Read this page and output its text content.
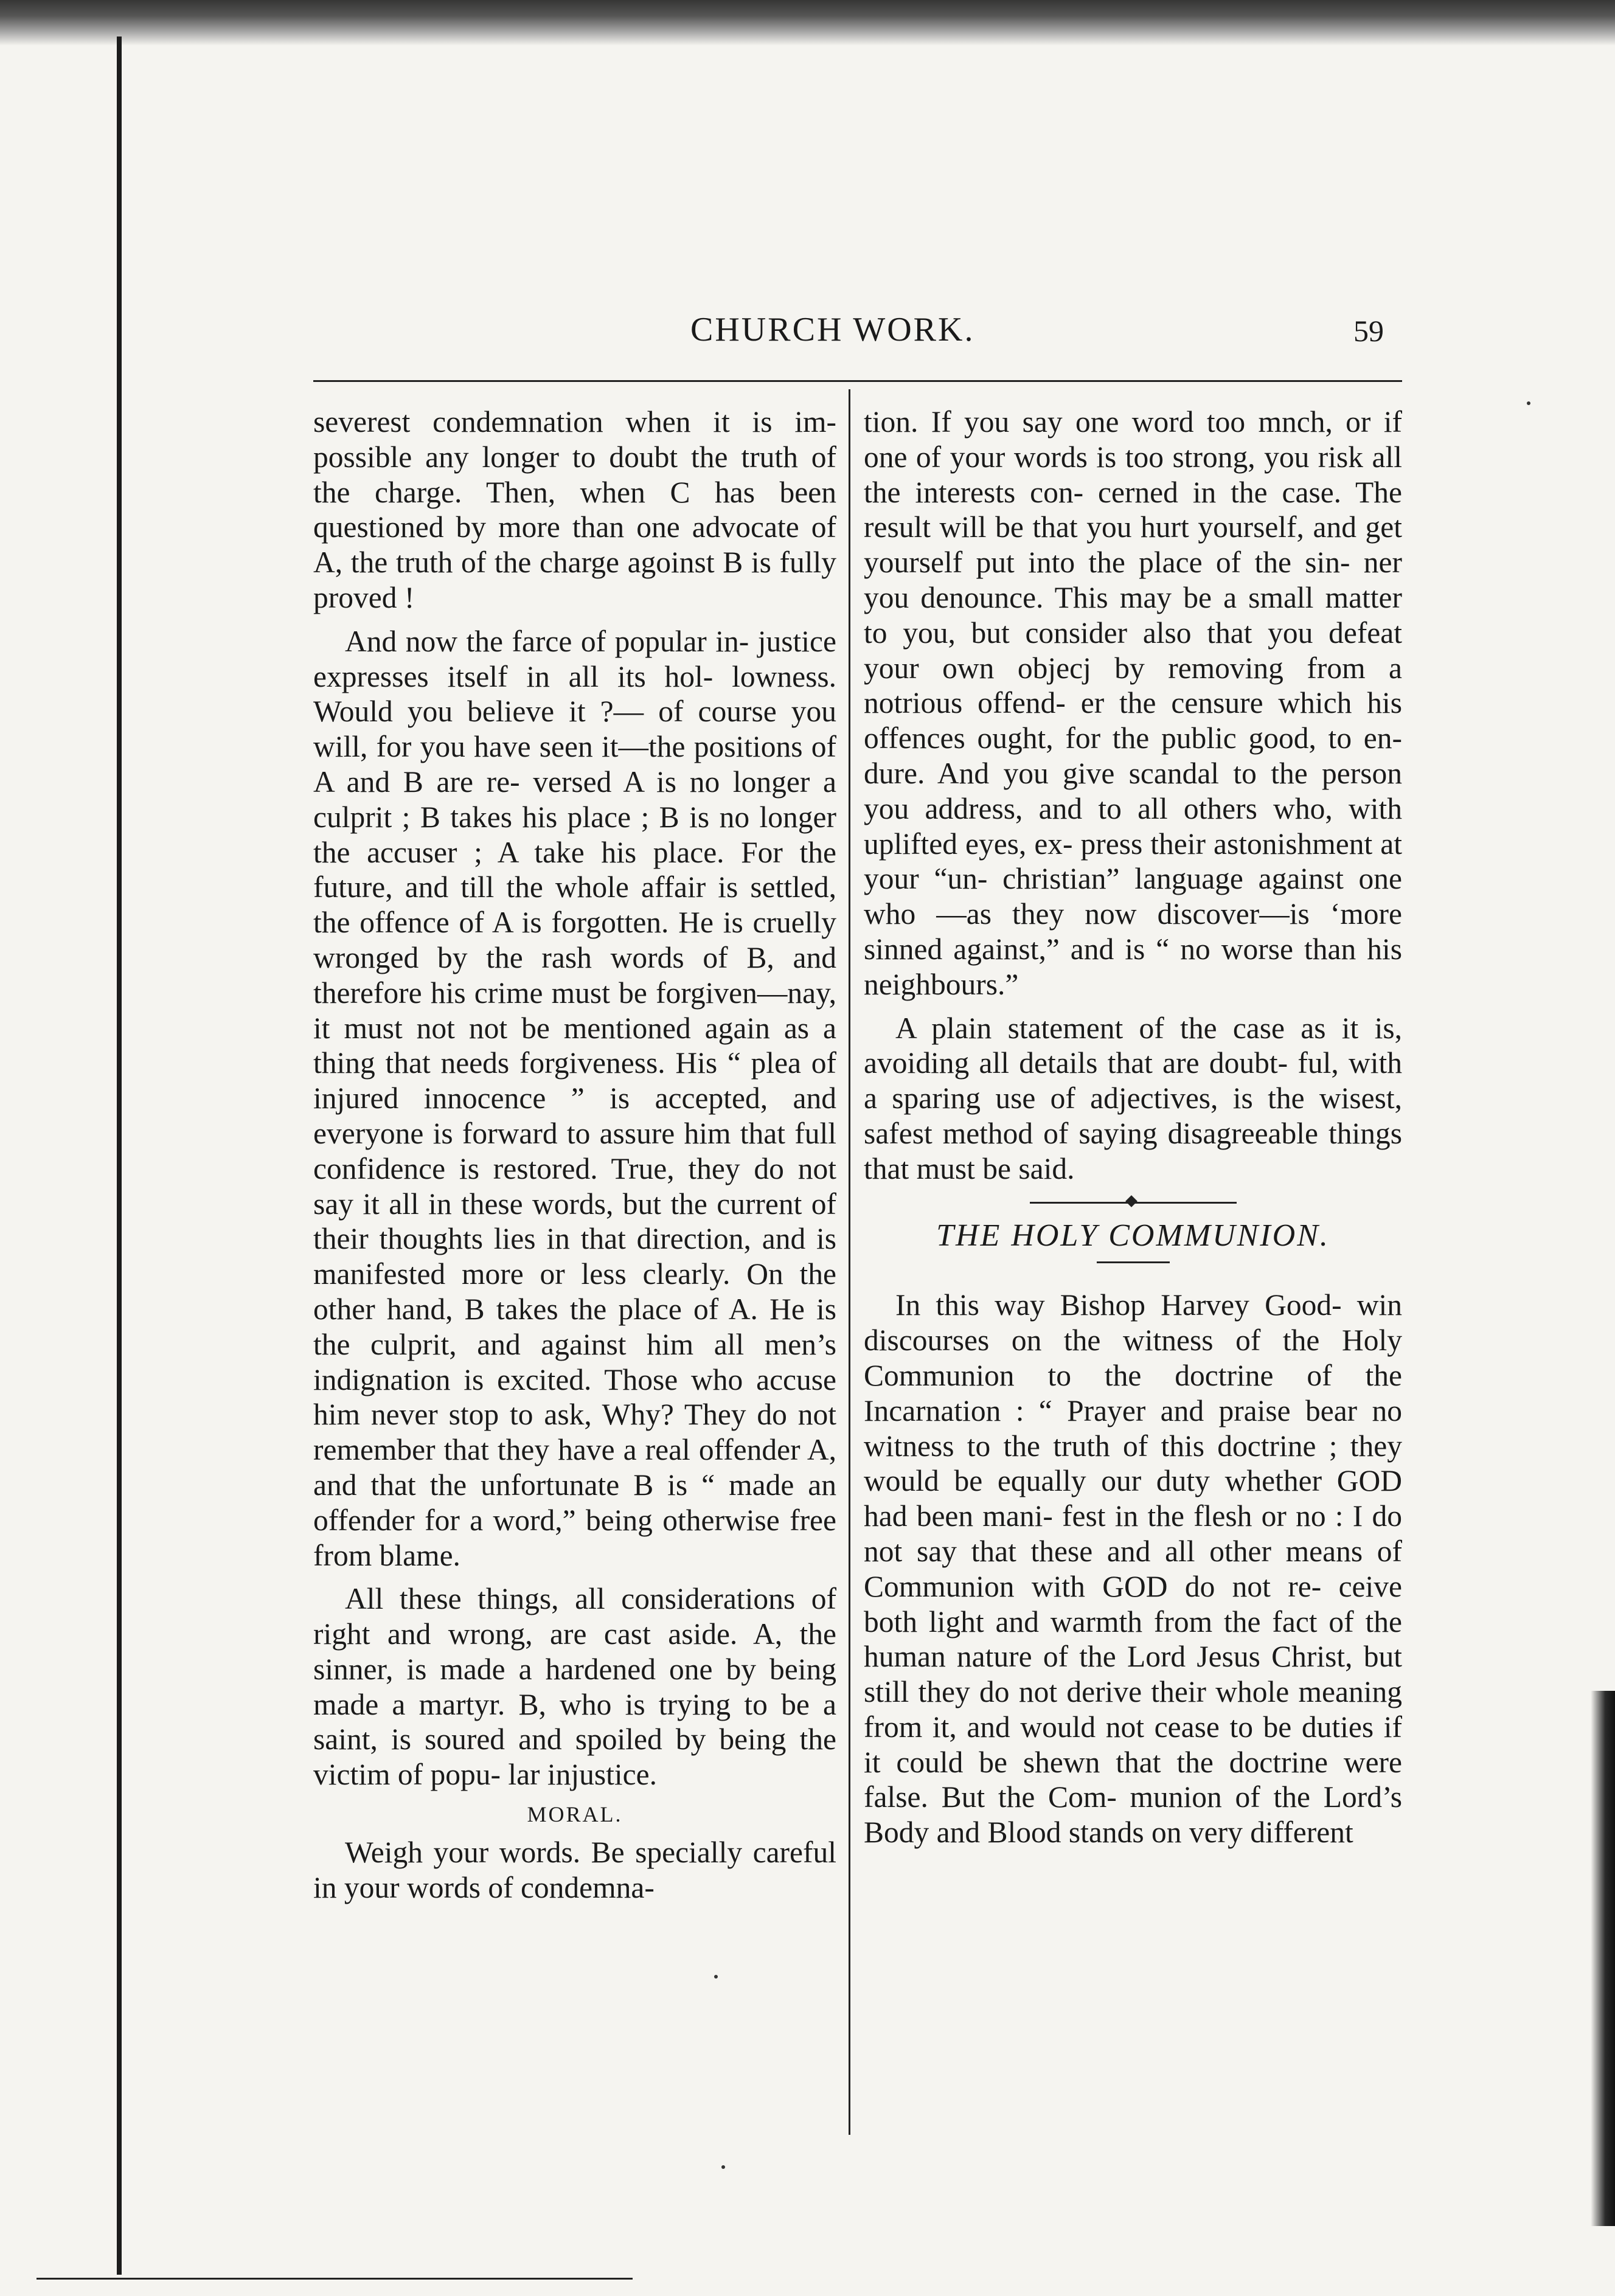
CHURCH WORK.	59

severest condemnation when it is im- possible any longer to doubt the truth of the charge. Then, when C has been questioned by more than one advocate of A, the truth of the charge agoinst B is fully proved !

And now the farce of popular in- justice expresses itself in all its hol- lowness. Would you believe it ?— of course you will, for you have seen it—the positions of A and B are re- versed A is no longer a culprit ; B takes his place ; B is no longer the accuser ; A take his place. For the future, and till the whole affair is settled, the offence of A is forgotten. He is cruelly wronged by the rash words of B, and therefore his crime must be forgiven—nay, it must not not be mentioned again as a thing that needs forgiveness. His “ plea of injured innocence ” is accepted, and everyone is forward to assure him that full confidence is restored. True, they do not say it all in these words, but the current of their thoughts lies in that direction, and is manifested more or less clearly. On the other hand, B takes the place of A. He is the culprit, and against him all men’s indignation is excited. Those who accuse him never stop to ask, Why? They do not remember that they have a real offender A, and that the unfortunate B is “ made an offender for a word,” being otherwise free from blame.

All these things, all considerations of right and wrong, are cast aside. A, the sinner, is made a hardened one by being made a martyr. B, who is trying to be a saint, is soured and spoiled by being the victim of popu- lar injustice.

MORAL.

Weigh your words. Be specially careful in your words of condemna-

tion. If you say one word too mnch, or if one of your words is too strong, you risk all the interests con- cerned in the case. The result will be that you hurt yourself, and get yourself put into the place of the sin- ner you denounce. This may be a small matter to you, but consider also that you defeat your own objecj by removing from a notrious offend- er the censure which his offences ought, for the public good, to en- dure. And you give scandal to the person you address, and to all others who, with uplifted eyes, ex- press their astonishment at your “un- christian” language against one who —as they now discover—is ‘more sinned against,” and is “ no worse than his neighbours.”

A plain statement of the case as it is, avoiding all details that are doubt- ful, with a sparing use of adjectives, is the wisest, safest method of saying disagreeable things that must be said.

THE HOLY COMMUNION.

In this way Bishop Harvey Good- win discourses on the witness of the Holy Communion to the doctrine of the Incarnation : “ Prayer and praise bear no witness to the truth of this doctrine ; they would be equally our duty whether GOD had been mani- fest in the flesh or no : I do not say that these and all other means of Communion with GOD do not re- ceive both light and warmth from the fact of the human nature of the Lord Jesus Christ, but still they do not derive their whole meaning from it, and would not cease to be duties if it could be shewn that the doctrine were false. But the Com- munion of the Lord’s Body and Blood stands on very different
